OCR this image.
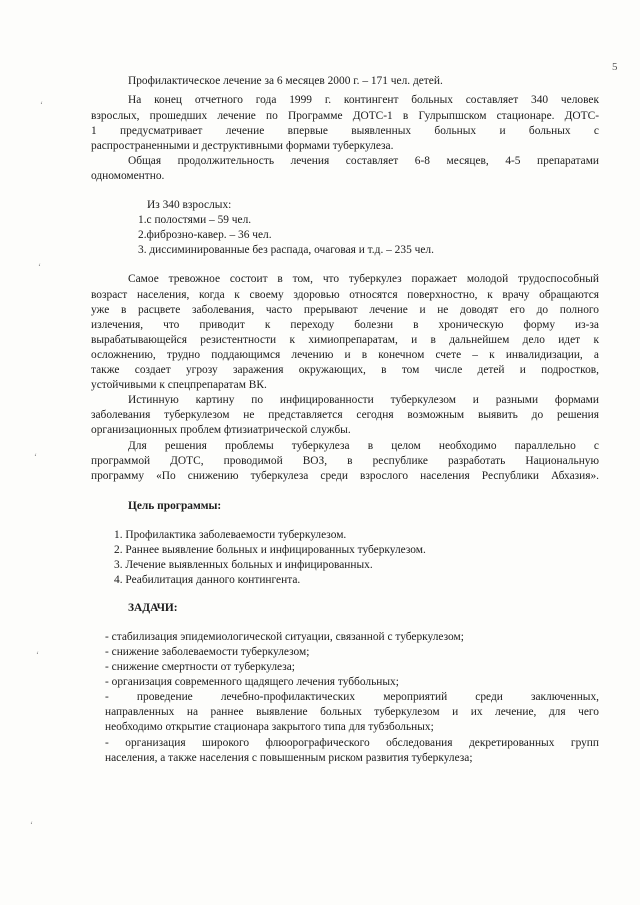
5
Профилактическое лечение за 6 месяцев 2000 г. – 171 чел. детей.
На конец отчетного года 1999 г. контингент больных составляет 340 человек
взрослых, прошедших лечение по Программе ДОТС-1 в Гулрыпшском стационаре. ДОТС-
1 предусматривает лечение впервые выявленных больных и больных с
распространенными и деструктивными формами туберкулеза.
Общая продолжительность лечения составляет 6-8 месяцев, 4-5 препаратами
одномоментно.
Из 340 взрослых:
1.с полостями – 59 чел.
2.фиброзно-кавер. – 36 чел.
3. диссиминированные без распада, очаговая и т.д. – 235 чел.
Самое тревожное состоит в том, что туберкулез поражает молодой трудоспособный
возраст населения, когда к своему здоровью относятся поверхностно, к врачу обращаются
уже в расцвете заболевания, часто прерывают лечение и не доводят его до полного
излечения, что приводит к переходу болезни в хроническую форму из-за
вырабатывающейся резистентности к химиопрепаратам, и в дальнейшем дело идет к
осложнению, трудно поддающимся лечению и в конечном счете – к инвалидизации, а
также создает угрозу заражения окружающих, в том числе детей и подростков,
устойчивыми к спецпрепаратам ВК.
Истинную картину по инфицированности туберкулезом и разными формами
заболевания туберкулезом не представляется сегодня возможным выявить до решения
организационных проблем фтизиатрической службы.
Для решения проблемы туберкулеза в целом необходимо параллельно с
программой ДОТС, проводимой ВОЗ, в республике разработать Национальную
программу «По снижению туберкулеза среди взрослого населения Республики Абхазия».
Цель программы:
1. Профилактика заболеваемости туберкулезом.
2. Раннее выявление больных и инфицированных туберкулезом.
3. Лечение выявленных больных и инфицированных.
4. Реабилитация данного контингента.
ЗАДАЧИ:
- стабилизация эпидемиологической ситуации, связанной с туберкулезом;
- снижение заболеваемости туберкулезом;
- снижение смертности от туберкулеза;
- организация современного щадящего лечения туббольных;
- проведение лечебно-профилактических мероприятий среди заключенных,
направленных на раннее выявление больных туберкулезом и их лечение, для чего
необходимо открытие стационара закрытого типа для тубзбольных;
- организация широкого флюорографического обследования декретированных групп
населения, а также населения с повышенным риском развития туберкулеза;
ʻ
ʻ
ʻ
ʻ
ʻ
